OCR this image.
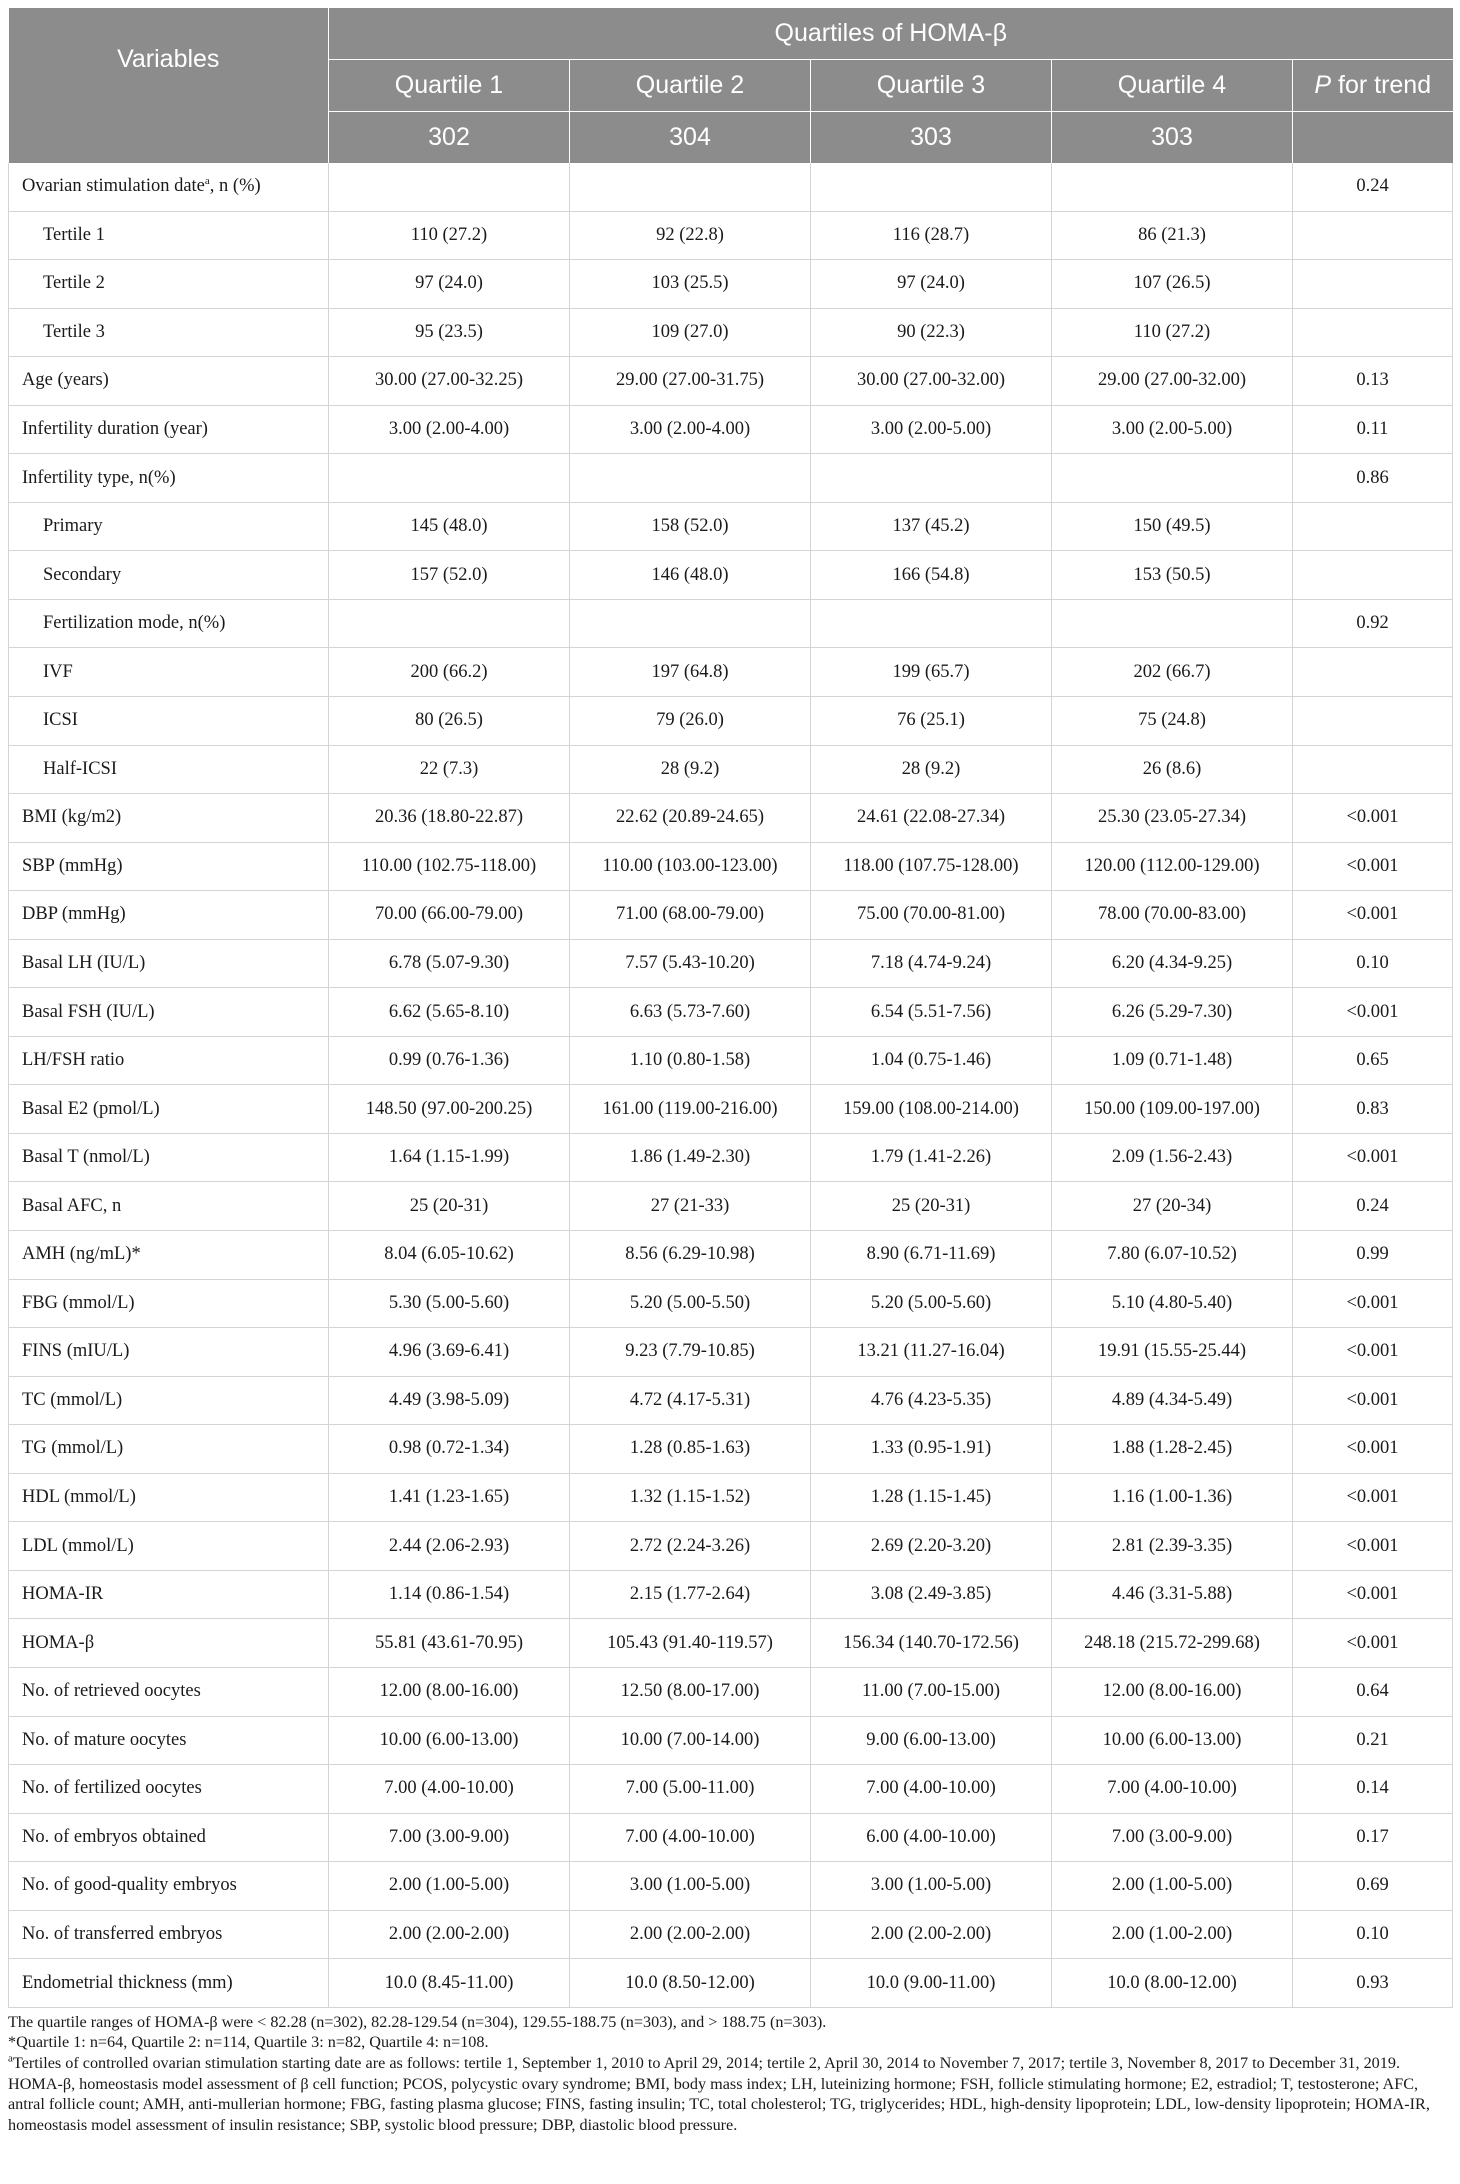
Variables	Quartiles of HOMA-β				
	Quartile 1	Quartile 2	Quartile 3	Quartile 4	P for trend
	302	304	303	303	
Ovarian stimulation date$^a$, n (%)					0.24
Tertile 1	110 (27.2)	92 (22.8)	116 (28.7)	86 (21.3)	
Tertile 2	97 (24.0)	103 (25.5)	97 (24.0)	107 (26.5)	
Tertile 3	95 (23.5)	109 (27.0)	90 (22.3)	110 (27.2)	
Age (years)	30.00 (27.00-32.25)	29.00 (27.00-31.75)	30.00 (27.00-32.00)	29.00 (27.00-32.00)	0.13
Infertility duration (year)	3.00 (2.00-4.00)	3.00 (2.00-4.00)	3.00 (2.00-5.00)	3.00 (2.00-5.00)	0.11
Infertility type, n(%)					0.86
Primary	145 (48.0)	158 (52.0)	137 (45.2)	150 (49.5)	
Secondary	157 (52.0)	146 (48.0)	166 (54.8)	153 (50.5)	
Fertilization mode, n(%)					0.92
IVF	200 (66.2)	197 (64.8)	199 (65.7)	202 (66.7)	
ICSI	80 (26.5)	79 (26.0)	76 (25.1)	75 (24.8)	
Half-ICSI	22 (7.3)	28 (9.2)	28 (9.2)	26 (8.6)	
BMI (kg/m2)	20.36 (18.80-22.87)	22.62 (20.89-24.65)	24.61 (22.08-27.34)	25.30 (23.05-27.34)	<0.001
SBP (mmHg)	110.00 (102.75-118.00)	110.00 (103.00-123.00)	118.00 (107.75-128.00)	120.00 (112.00-129.00)	<0.001
DBP (mmHg)	70.00 (66.00-79.00)	71.00 (68.00-79.00)	75.00 (70.00-81.00)	78.00 (70.00-83.00)	<0.001
Basal LH (IU/L)	6.78 (5.07-9.30)	7.57 (5.43-10.20)	7.18 (4.74-9.24)	6.20 (4.34-9.25)	0.10
Basal FSH (IU/L)	6.62 (5.65-8.10)	6.63 (5.73-7.60)	6.54 (5.51-7.56)	6.26 (5.29-7.30)	<0.001
LH/FSH ratio	0.99 (0.76-1.36)	1.10 (0.80-1.58)	1.04 (0.75-1.46)	1.09 (0.71-1.48)	0.65
Basal E2 (pmol/L)	148.50 (97.00-200.25)	161.00 (119.00-216.00)	159.00 (108.00-214.00)	150.00 (109.00-197.00)	0.83
Basal T (nmol/L)	1.64 (1.15-1.99)	1.86 (1.49-2.30)	1.79 (1.41-2.26)	2.09 (1.56-2.43)	<0.001
Basal AFC, n	25 (20-31)	27 (21-33)	25 (20-31)	27 (20-34)	0.24
AMH (ng/mL)*	8.04 (6.05-10.62)	8.56 (6.29-10.98)	8.90 (6.71-11.69)	7.80 (6.07-10.52)	0.99
FBG (mmol/L)	5.30 (5.00-5.60)	5.20 (5.00-5.50)	5.20 (5.00-5.60)	5.10 (4.80-5.40)	<0.001
FINS (mIU/L)	4.96 (3.69-6.41)	9.23 (7.79-10.85)	13.21 (11.27-16.04)	19.91 (15.55-25.44)	<0.001
TC (mmol/L)	4.49 (3.98-5.09)	4.72 (4.17-5.31)	4.76 (4.23-5.35)	4.89 (4.34-5.49)	<0.001
TG (mmol/L)	0.98 (0.72-1.34)	1.28 (0.85-1.63)	1.33 (0.95-1.91)	1.88 (1.28-2.45)	<0.001
HDL (mmol/L)	1.41 (1.23-1.65)	1.32 (1.15-1.52)	1.28 (1.15-1.45)	1.16 (1.00-1.36)	<0.001
LDL (mmol/L)	2.44 (2.06-2.93)	2.72 (2.24-3.26)	2.69 (2.20-3.20)	2.81 (2.39-3.35)	<0.001
HOMA-IR	1.14 (0.86-1.54)	2.15 (1.77-2.64)	3.08 (2.49-3.85)	4.46 (3.31-5.88)	<0.001
HOMA-β	55.81 (43.61-70.95)	105.43 (91.40-119.57)	156.34 (140.70-172.56)	248.18 (215.72-299.68)	<0.001
No. of retrieved oocytes	12.00 (8.00-16.00)	12.50 (8.00-17.00)	11.00 (7.00-15.00)	12.00 (8.00-16.00)	0.64
No. of mature oocytes	10.00 (6.00-13.00)	10.00 (7.00-14.00)	9.00 (6.00-13.00)	10.00 (6.00-13.00)	0.21
No. of fertilized oocytes	7.00 (4.00-10.00)	7.00 (5.00-11.00)	7.00 (4.00-10.00)	7.00 (4.00-10.00)	0.14
No. of embryos obtained	7.00 (3.00-9.00)	7.00 (4.00-10.00)	6.00 (4.00-10.00)	7.00 (3.00-9.00)	0.17
No. of good-quality embryos	2.00 (1.00-5.00)	3.00 (1.00-5.00)	3.00 (1.00-5.00)	2.00 (1.00-5.00)	0.69
No. of transferred embryos	2.00 (2.00-2.00)	2.00 (2.00-2.00)	2.00 (2.00-2.00)	2.00 (1.00-2.00)	0.10
Endometrial thickness (mm)	10.0 (8.45-11.00)	10.0 (8.50-12.00)	10.0 (9.00-11.00)	10.0 (8.00-12.00)	0.93

The quartile ranges of HOMA-β were < 82.28 (n=302), 82.28-129.54 (n=304), 129.55-188.75 (n=303), and > 188.75 (n=303).

*Quartile 1: n=64, Quartile 2: n=114, Quartile 3: n=82, Quartile 4: n=108.

$^a$Tertiles of controlled ovarian stimulation starting date are as follows: tertile 1, September 1, 2010 to April 29, 2014; tertile 2, April 30, 2014 to November 7, 2017; tertile 3, November 8, 2017 to December 31, 2019.

HOMA-β, homeostasis model assessment of β cell function; PCOS, polycystic ovary syndrome; BMI, body mass index; LH, luteinizing hormone; FSH, follicle stimulating hormone; E2, estradiol; T, testosterone; AFC, antral follicle count; AMH, anti-mullerian hormone; FBG, fasting plasma glucose; FINS, fasting insulin; TC, total cholesterol; TG, triglycerides; HDL, high-density lipoprotein; LDL, low-density lipoprotein; HOMA-IR, homeostasis model assessment of insulin resistance; SBP, systolic blood pressure; DBP, diastolic blood pressure.
